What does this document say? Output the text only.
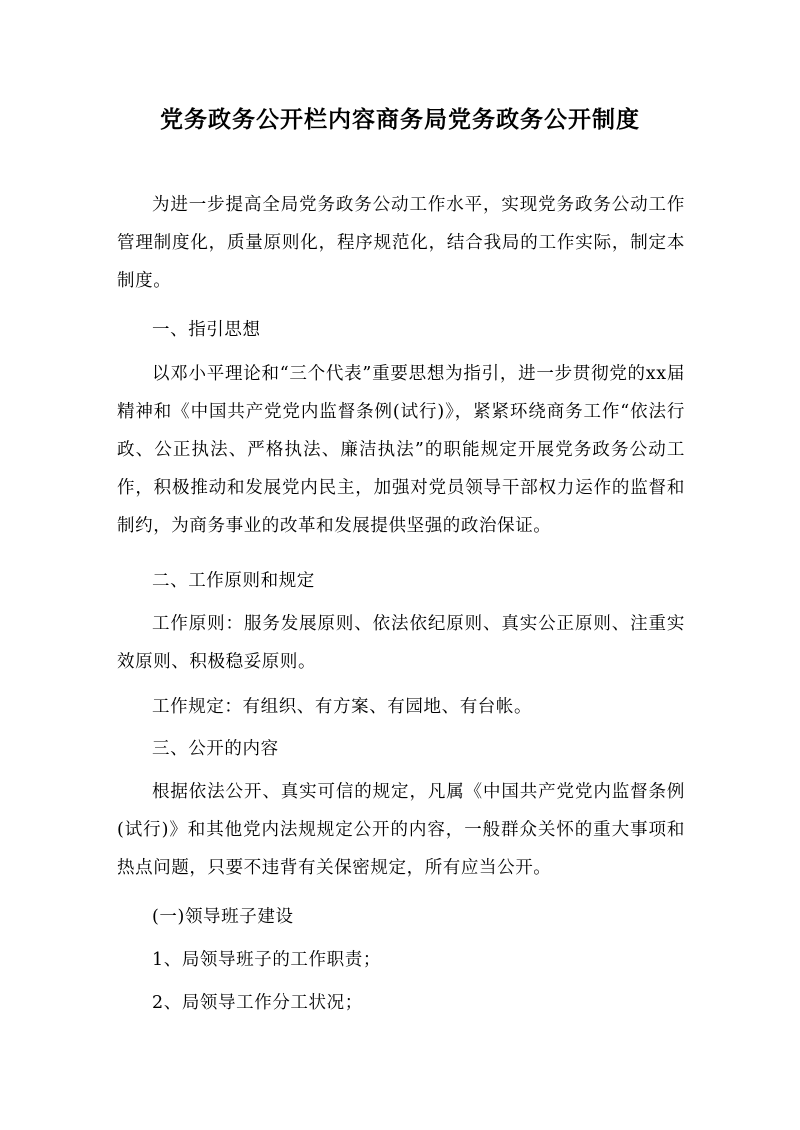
党务政务公开栏内容商务局党务政务公开制度

为进一步提高全局党务政务公动工作水平，实现党务政务公动工作管理制度化，质量原则化，程序规范化，结合我局的工作实际，制定本制度。

一、指引思想

以邓小平理论和“三个代表”重要思想为指引，进一步贯彻党的xx届精神和《中国共产党党内监督条例(试行)》，紧紧环绕商务工作“依法行政、公正执法、严格执法、廉洁执法”的职能规定开展党务政务公动工作，积极推动和发展党内民主，加强对党员领导干部权力运作的监督和制约，为商务事业的改革和发展提供坚强的政治保证。

二、工作原则和规定

工作原则：服务发展原则、依法依纪原则、真实公正原则、注重实效原则、积极稳妥原则。

工作规定：有组织、有方案、有园地、有台帐。

三、公开的内容

根据依法公开、真实可信的规定，凡属《中国共产党党内监督条例(试行)》和其他党内法规规定公开的内容，一般群众关怀的重大事项和热点问题，只要不违背有关保密规定，所有应当公开。

(一)领导班子建设

1、局领导班子的工作职责；

2、局领导工作分工状况；
